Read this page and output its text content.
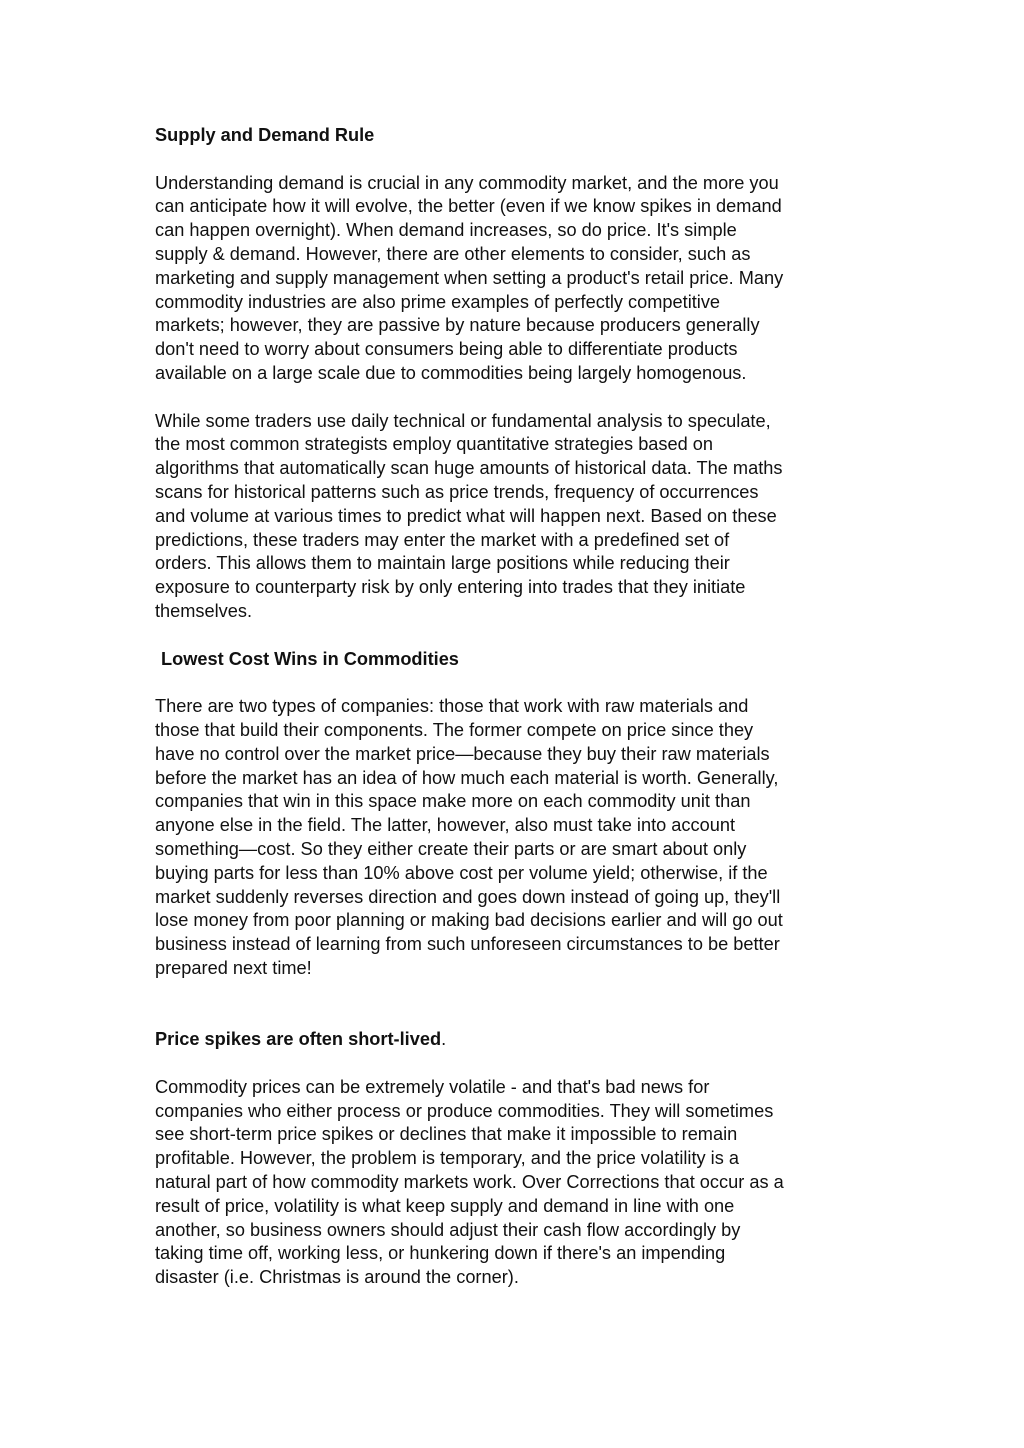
Supply and Demand Rule

Understanding demand is crucial in any commodity market, and the more you
can anticipate how it will evolve, the better (even if we know spikes in demand
can happen overnight). When demand increases, so do price. It's simple
supply & demand. However, there are other elements to consider, such as
marketing and supply management when setting a product's retail price. Many
commodity industries are also prime examples of perfectly competitive
markets; however, they are passive by nature because producers generally
don't need to worry about consumers being able to differentiate products
available on a large scale due to commodities being largely homogenous.

While some traders use daily technical or fundamental analysis to speculate,
the most common strategists employ quantitative strategies based on
algorithms that automatically scan huge amounts of historical data. The maths
scans for historical patterns such as price trends, frequency of occurrences
and volume at various times to predict what will happen next. Based on these
predictions, these traders may enter the market with a predefined set of
orders. This allows them to maintain large positions while reducing their
exposure to counterparty risk by only entering into trades that they initiate
themselves.

Lowest Cost Wins in Commodities

There are two types of companies: those that work with raw materials and
those that build their components. The former compete on price since they
have no control over the market price—because they buy their raw materials
before the market has an idea of how much each material is worth. Generally,
companies that win in this space make more on each commodity unit than
anyone else in the field. The latter, however, also must take into account
something—cost. So they either create their parts or are smart about only
buying parts for less than 10% above cost per volume yield; otherwise, if the
market suddenly reverses direction and goes down instead of going up, they'll
lose money from poor planning or making bad decisions earlier and will go out
business instead of learning from such unforeseen circumstances to be better
prepared next time!

Price spikes are often short-lived.

Commodity prices can be extremely volatile - and that's bad news for
companies who either process or produce commodities. They will sometimes
see short-term price spikes or declines that make it impossible to remain
profitable. However, the problem is temporary, and the price volatility is a
natural part of how commodity markets work. Over Corrections that occur as a
result of price, volatility is what keep supply and demand in line with one
another, so business owners should adjust their cash flow accordingly by
taking time off, working less, or hunkering down if there's an impending
disaster (i.e. Christmas is around the corner).
